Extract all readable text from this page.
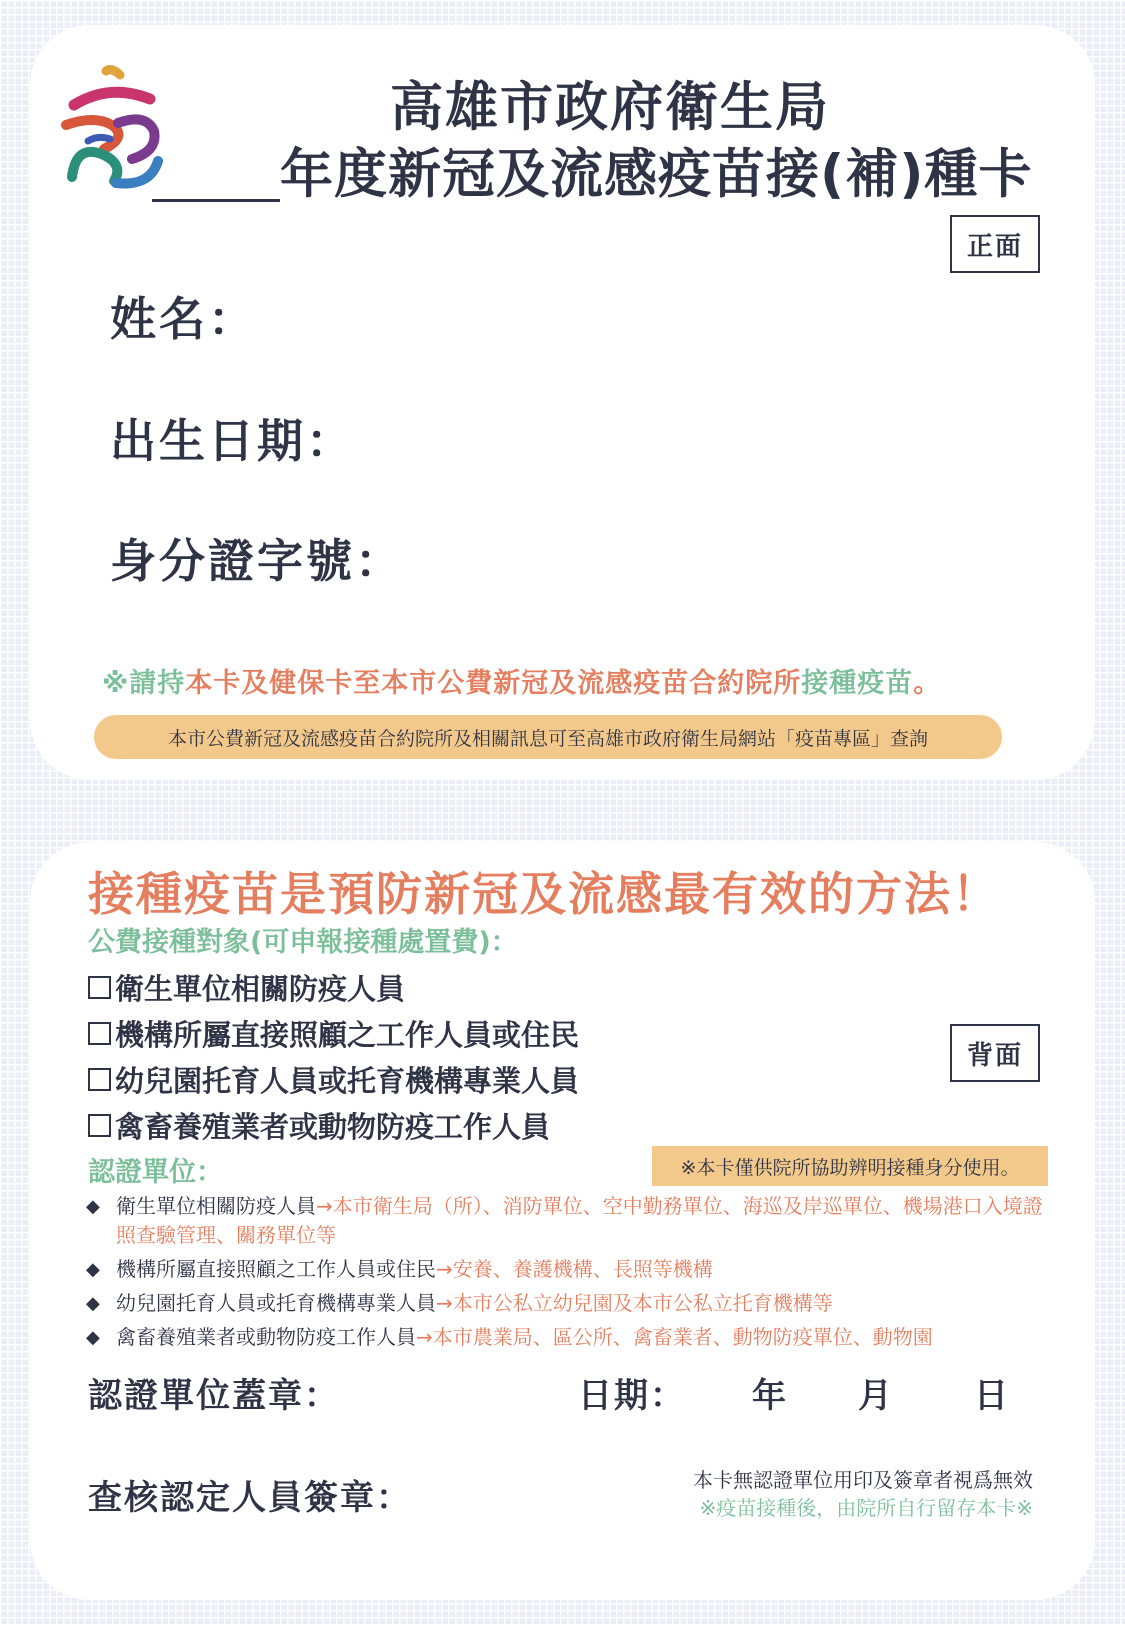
高雄市政府衛生局
年度新冠及流感疫苗接(補)種卡
正面
姓名：
出生日期：
身分證字號：
※請持本卡及健保卡至本市公費新冠及流感疫苗合約院所接種疫苗。
本市公費新冠及流感疫苗合約院所及相關訊息可至高雄市政府衛生局網站「疫苗專區」查詢
接種疫苗是預防新冠及流感最有效的方法！
公費接種對象(可申報接種處置費)：
衛生單位相關防疫人員
機構所屬直接照顧之工作人員或住民
幼兒園托育人員或托育機構專業人員
禽畜養殖業者或動物防疫工作人員
背面
認證單位：	※本卡僅供院所協助辨明接種身分使用。
◆ 衛生單位相關防疫人員→本市衛生局（所）、消防單位、空中勤務單位、海巡及岸巡單位、機場港口入境證照查驗管理、關務單位等
◆ 機構所屬直接照顧之工作人員或住民→安養、養護機構、長照等機構
◆ 幼兒園托育人員或托育機構專業人員→本市公私立幼兒園及本市公私立托育機構等
◆ 禽畜養殖業者或動物防疫工作人員→本市農業局、區公所、禽畜業者、動物防疫單位、動物園
認證單位蓋章：	日期： 年 月 日
查核認定人員簽章：	本卡無認證單位用印及簽章者視爲無效
※疫苗接種後，由院所自行留存本卡※
